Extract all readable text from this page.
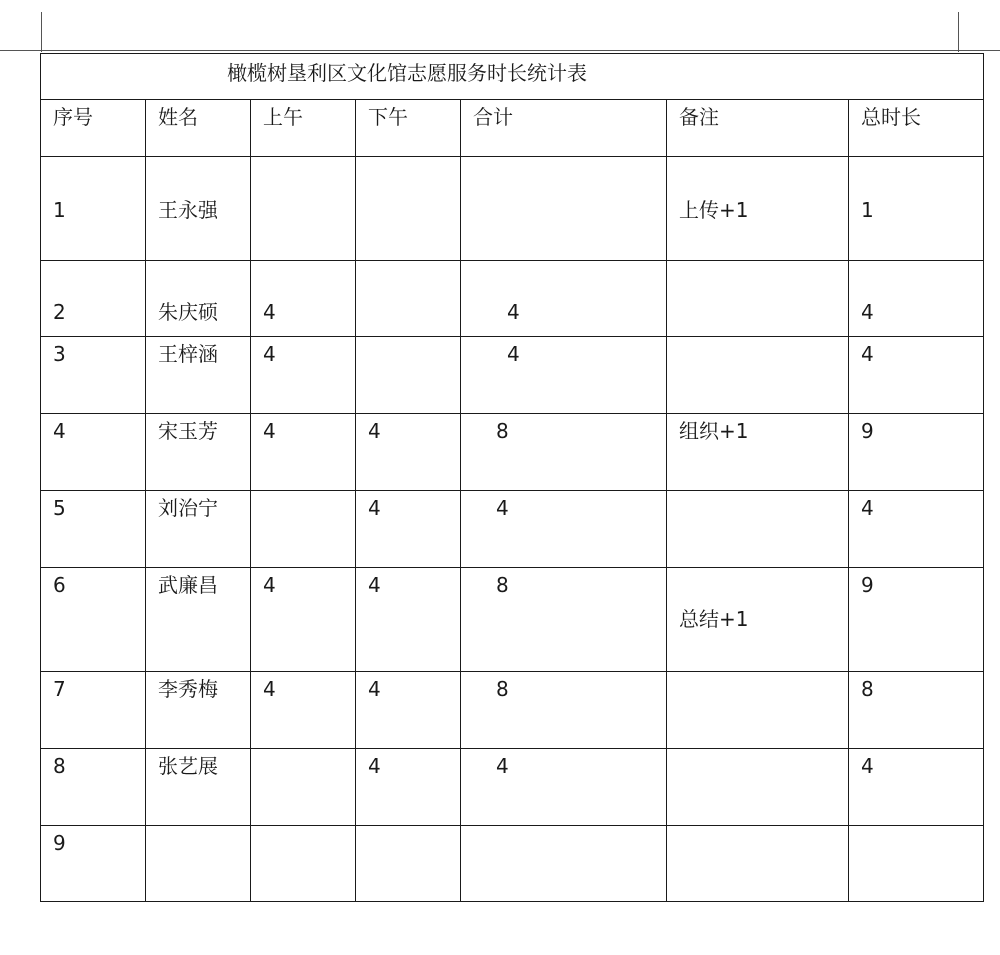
橄榄树垦利区文化馆志愿服务时长统计表						

序号	姓名	上午	下午	合计	备注	总时长

1	王永强				上传+1	1

2	朱庆硕	4		4		4

3	王梓涵	4		4		4

4	宋玉芳	4	4	8	组织+1	9

5	刘治宁		4	4		4

6	武廉昌	4	4	8	总结+1	9

7	李秀梅	4	4	8		8

8	张艺展		4	4		4

9						
